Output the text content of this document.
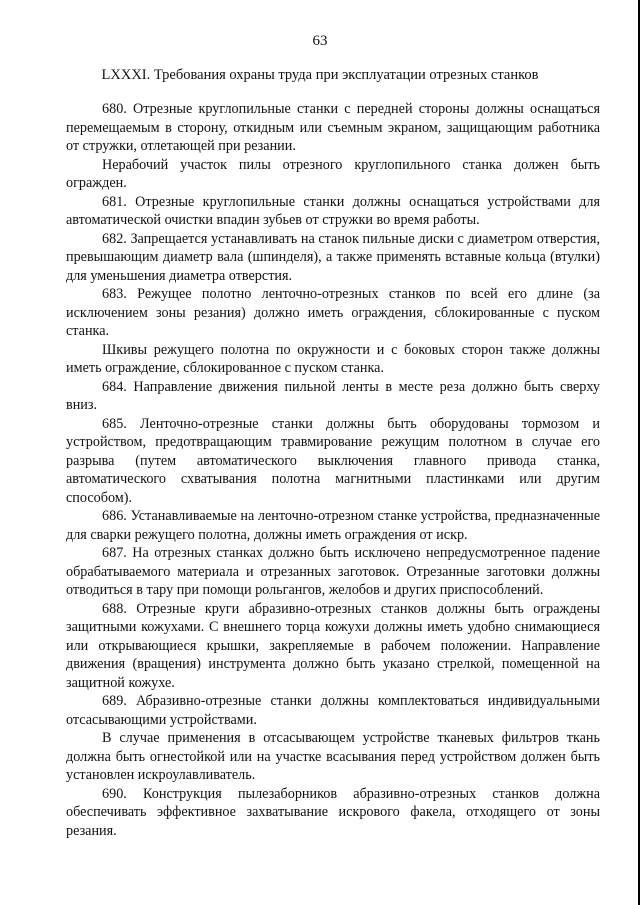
63
LXXXI. Требования охраны труда при эксплуатации отрезных станков

680. Отрезные круглопильные станки с передней стороны должны оснащаться перемещаемым в сторону, откидным или съемным экраном, защищающим работника от стружки, отлетающей при резании.

Нерабочий участок пилы отрезного круглопильного станка должен быть огражден.

681. Отрезные круглопильные станки должны оснащаться устройствами для автоматической очистки впадин зубьев от стружки во время работы.

682. Запрещается устанавливать на станок пильные диски с диаметром отверстия, превышающим диаметр вала (шпинделя), а также применять вставные кольца (втулки) для уменьшения диаметра отверстия.

683. Режущее полотно ленточно-отрезных станков по всей его длине (за исключением зоны резания) должно иметь ограждения, сблокированные с пуском станка.

Шкивы режущего полотна по окружности и с боковых сторон также должны иметь ограждение, сблокированное с пуском станка.

684. Направление движения пильной ленты в месте реза должно быть сверху вниз.

685. Ленточно-отрезные станки должны быть оборудованы тормозом и устройством, предотвращающим травмирование режущим полотном в случае его разрыва (путем автоматического выключения главного привода станка, автоматического схватывания полотна магнитными пластинками или другим способом).

686. Устанавливаемые на ленточно-отрезном станке устройства, предназначенные для сварки режущего полотна, должны иметь ограждения от искр.

687. На отрезных станках должно быть исключено непредусмотренное падение обрабатываемого материала и отрезанных заготовок. Отрезанные заготовки должны отводиться в тару при помощи рольгангов, желобов и других приспособлений.

688. Отрезные круги абразивно-отрезных станков должны быть ограждены защитными кожухами. С внешнего торца кожухи должны иметь удобно снимающиеся или открывающиеся крышки, закрепляемые в рабочем положении. Направление движения (вращения) инструмента должно быть указано стрелкой, помещенной на защитной кожухе.

689. Абразивно-отрезные станки должны комплектоваться индивидуальными отсасывающими устройствами.

В случае применения в отсасывающем устройстве тканевых фильтров ткань должна быть огнестойкой или на участке всасывания перед устройством должен быть установлен искроулавливатель.

690. Конструкция пылезаборников абразивно-отрезных станков должна обеспечивать эффективное захватывание искрового факела, отходящего от зоны резания.
